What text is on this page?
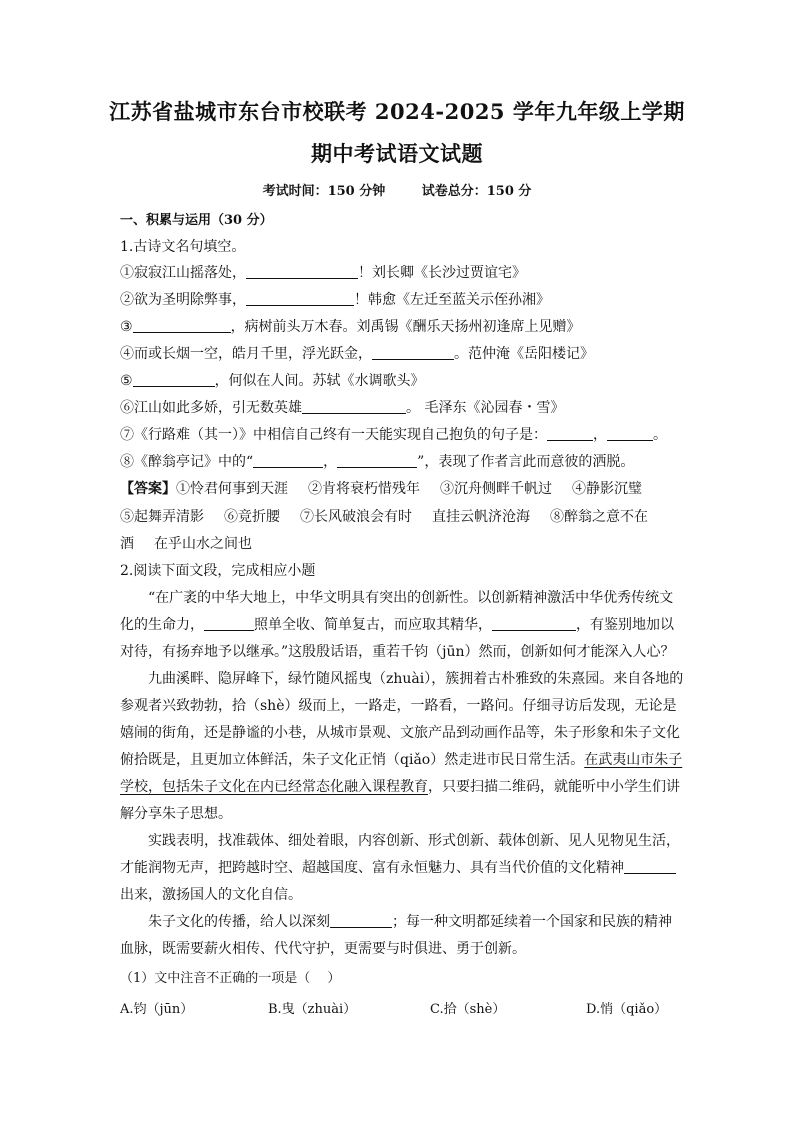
江苏省盐城市东台市校联考 2024-2025 学年九年级上学期
期中考试语文试题
考试时间：150 分钟	试卷总分：150 分
一、积累与运用（30 分）
1.古诗文名句填空。
①寂寂江山摇落处，	！刘长卿《长沙过贾谊宅》
②欲为圣明除弊事，	！韩愈《左迁至蓝关示侄孙湘》
③	，病树前头万木春。刘禹锡《酬乐天扬州初逢席上见赠》
④而或长烟一空，皓月千里，浮光跃金，	。范仲淹《岳阳楼记》
⑤	，何似在人间。苏轼《水调歌头》
⑥江山如此多娇，引无数英雄	。 毛泽东《沁园春・雪》
⑦《行路难（其一）》中相信自己终有一天能实现自己抱负的句子是：	，	。
⑧《醉翁亭记》中的“	，	”，表现了作者言此而意彼的洒脱。
【答案】①怜君何事到天涯 ②肯将衰朽惜残年 ③沉舟侧畔千帆过 ④静影沉璧
⑤起舞弄清影 ⑥竞折腰 ⑦长风破浪会有时 直挂云帆济沧海 ⑧醉翁之意不在
酒 在乎山水之间也
2.阅读下面文段，完成相应小题
“在广袤的中华大地上，中华文明具有突出的创新性。以创新精神激活中华优秀传统文
化的生命力，	照单全收、简单复古，而应取其精华，	，有鉴别地加以
对待，有扬弃地予以继承。”这殷殷话语，重若千钧（jūn）然而，创新如何才能深入人心？
九曲溪畔、隐屏峰下，绿竹随风摇曳（zhuài），簇拥着古朴雅致的朱熹园。来自各地的
参观者兴致勃勃，拾（shè）级而上，一路走，一路看，一路问。仔细寻访后发现，无论是
嬉闹的街角，还是静谧的小巷，从城市景观、文旅产品到动画作品等，朱子形象和朱子文化
俯拾既是，且更加立体鲜活，朱子文化正悄（qiǎo）然走进市民日常生活。在武夷山市朱子
学校，包括朱子文化在内已经常态化融入课程教育，只要扫描二维码，就能听中小学生们讲
解分享朱子思想。
实践表明，找准载体、细处着眼，内容创新、形式创新、载体创新、见人见物见生活，
才能润物无声，把跨越时空、超越国度、富有永恒魅力、具有当代价值的文化精神
出来，激扬国人的文化自信。
朱子文化的传播，给人以深刻	；每一种文明都延续着一个国家和民族的精神
血脉，既需要薪火相传、代代守护，更需要与时俱进、勇于创新。
（1）文中注音不正确的一项是（　 ）
A.钧（jūn）	B.曳（zhuài）	C.拾（shè）	D.悄（qiǎo）
